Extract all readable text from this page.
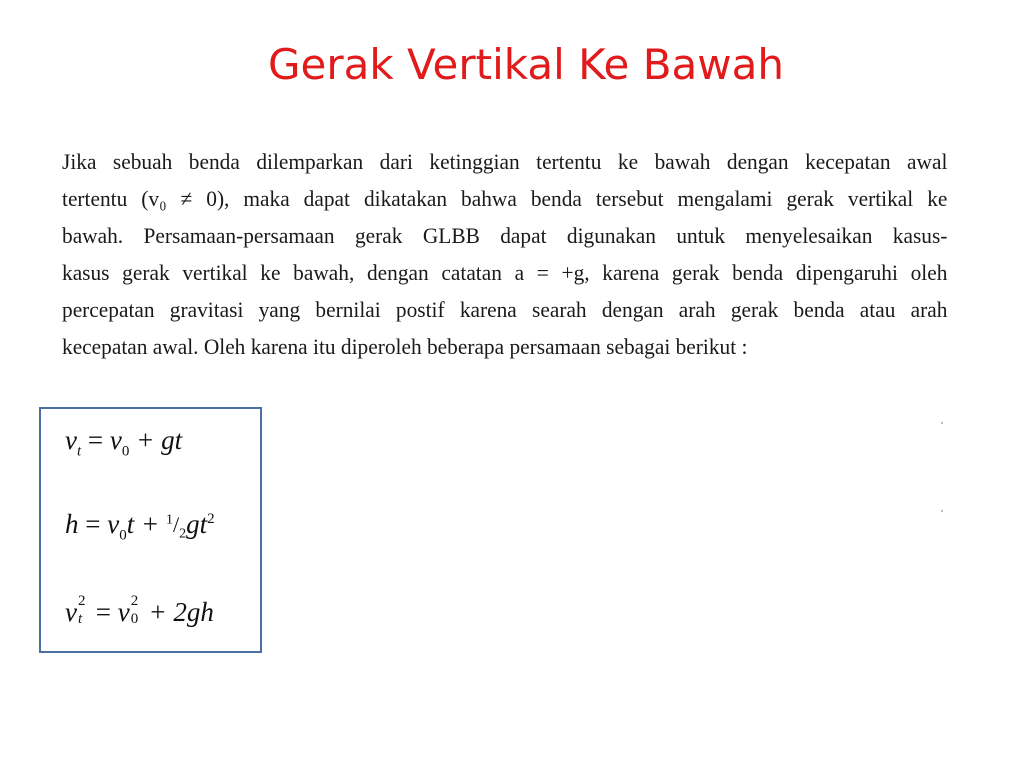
Gerak Vertikal Ke Bawah
Jika sebuah benda dilemparkan dari ketinggian tertentu ke bawah dengan kecepatan awal
tertentu (v₀ ≠ 0), maka dapat dikatakan bahwa benda tersebut mengalami gerak vertikal ke
bawah. Persamaan-persamaan gerak GLBB dapat digunakan untuk menyelesaikan kasus-
kasus gerak vertikal ke bawah, dengan catatan a = +g, karena gerak benda dipengaruhi oleh
percepatan gravitasi yang bernilai postif karena searah dengan arah gerak benda atau arah
kecepatan awal. Oleh karena itu diperoleh beberapa persamaan sebagai berikut :
$v_t = v_0$ + gt
$h = v_0t + ^1/_2gt^2$
v 2
t = v 2
0 + 2gh
